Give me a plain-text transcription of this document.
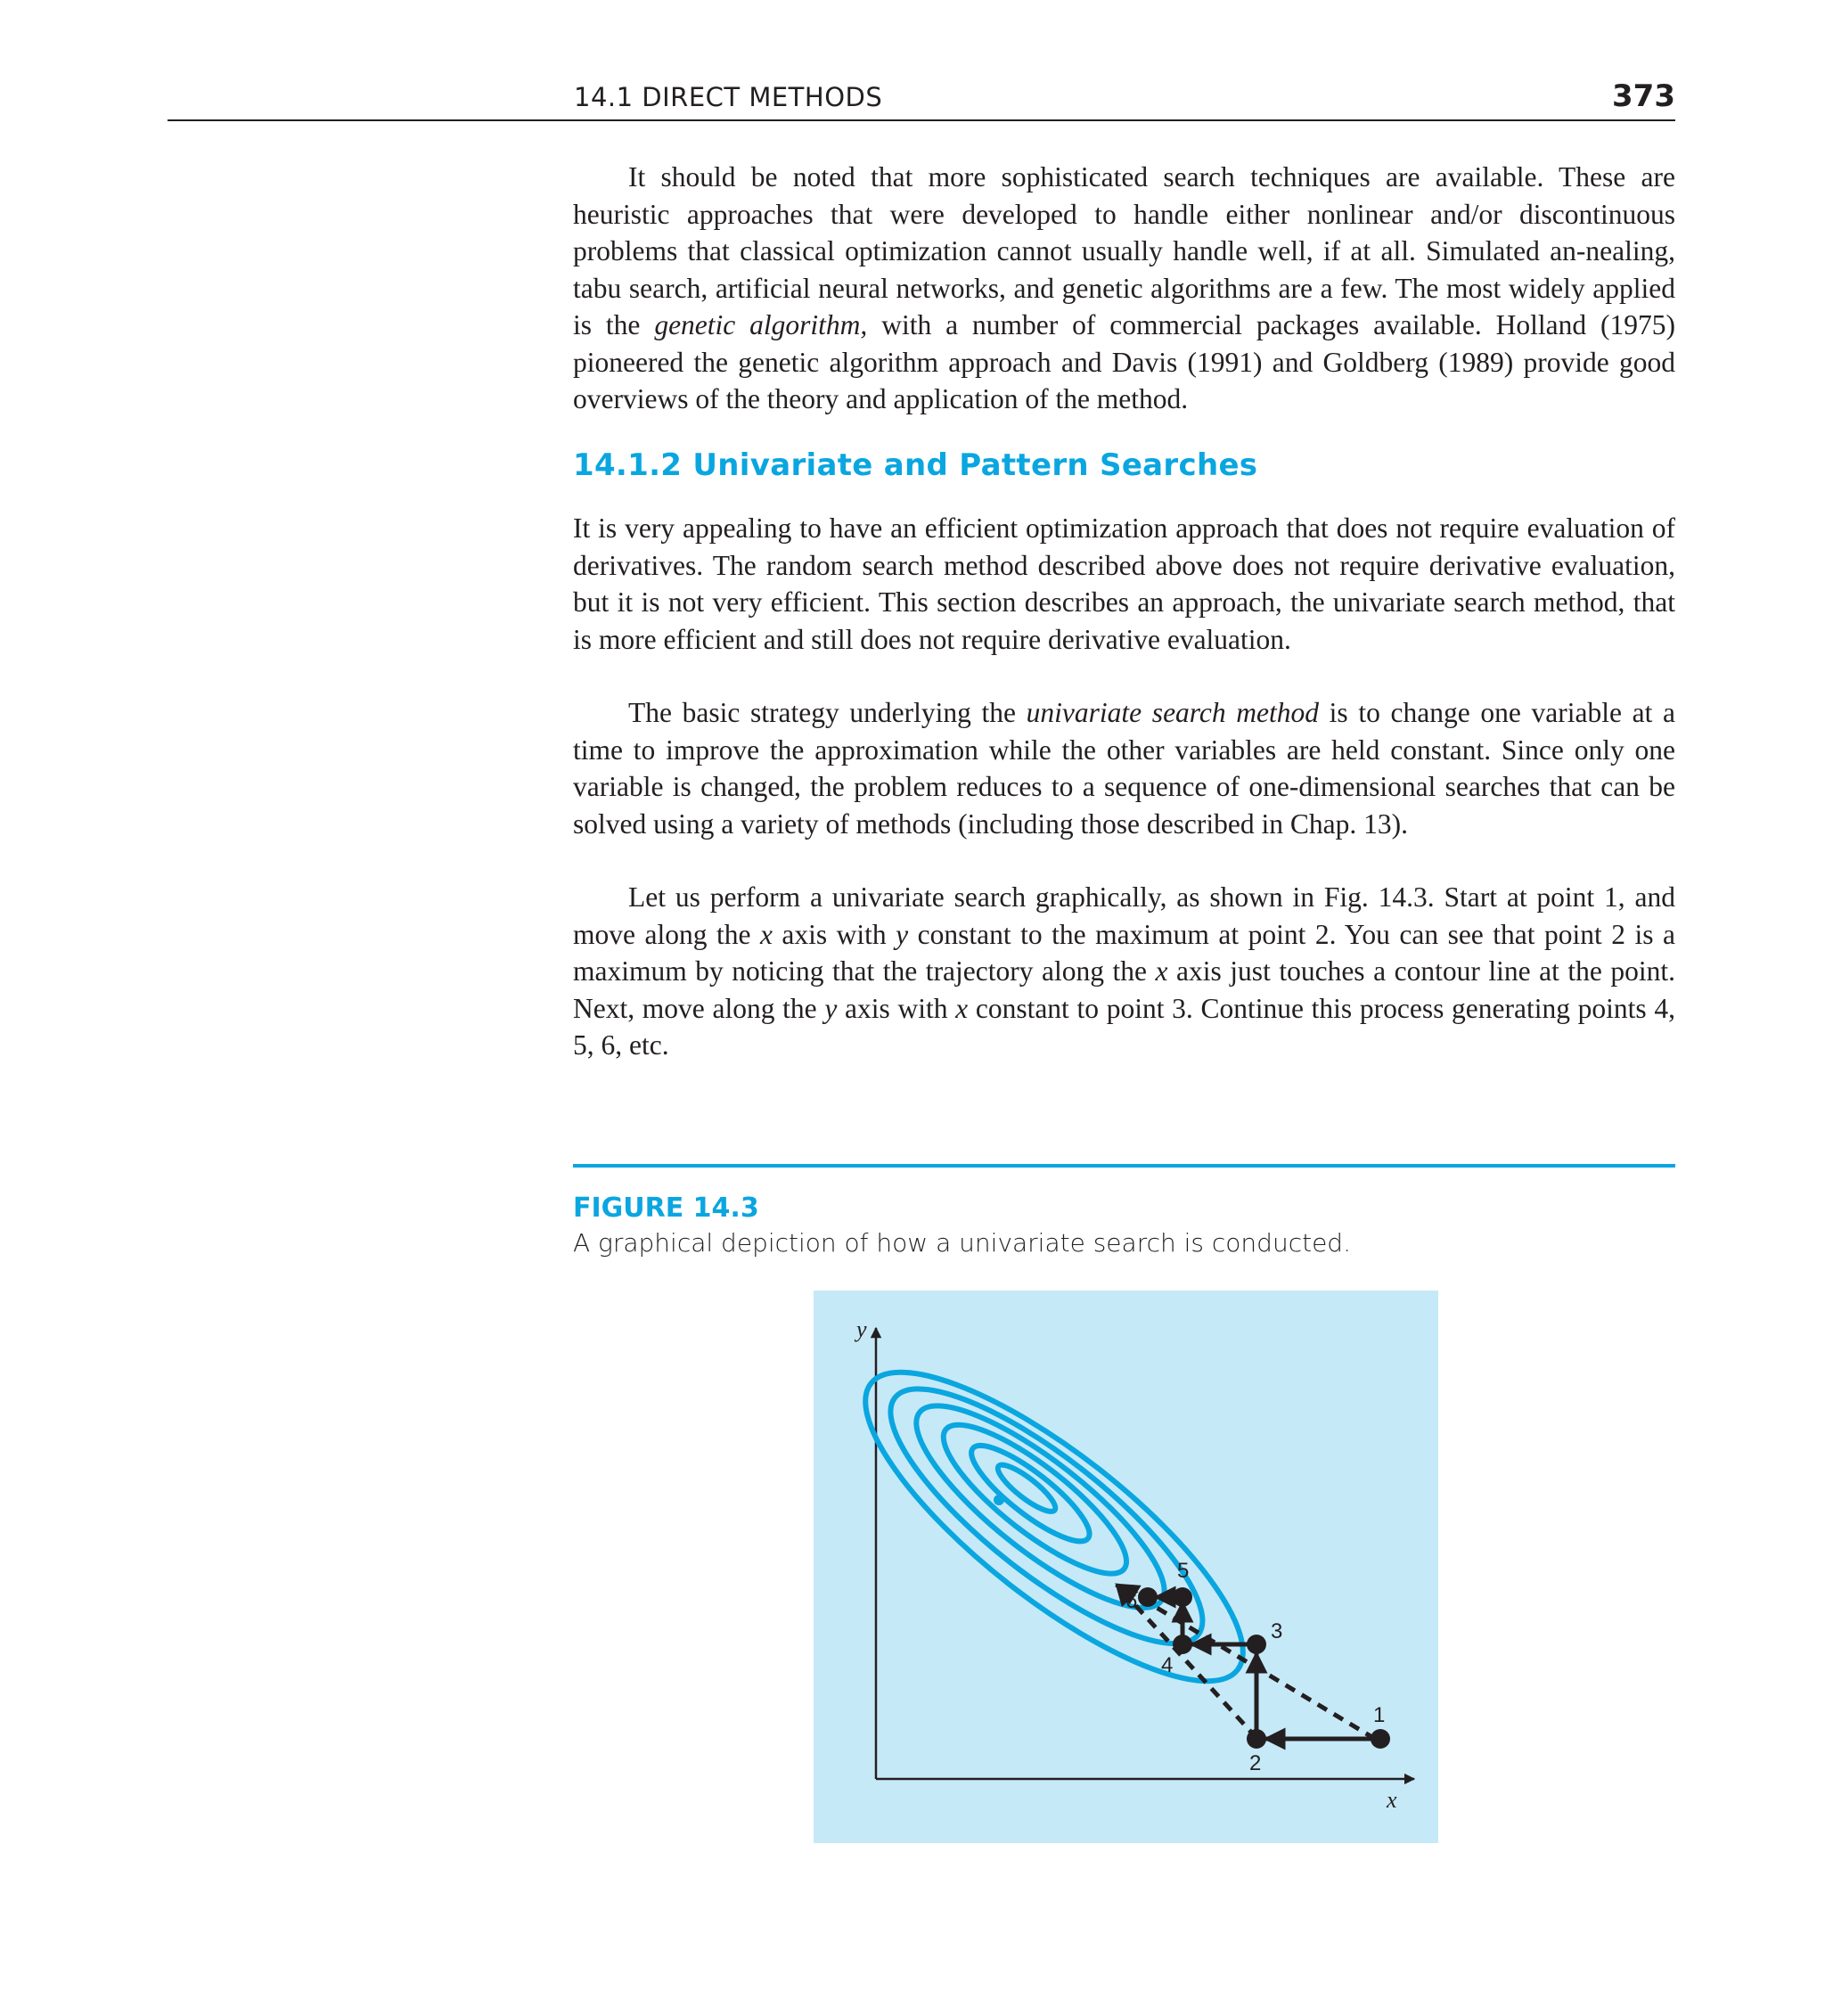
14.1 DIRECT METHODS	373

It should be noted that more sophisticated search techniques are available. These are heuristic approaches that were developed to handle either nonlinear and/or discontinuous problems that classical optimization cannot usually handle well, if at all. Simulated an-nealing, tabu search, artificial neural networks, and genetic algorithms are a few. The most widely applied is the genetic algorithm, with a number of commercial packages available. Holland (1975) pioneered the genetic algorithm approach and Davis (1991) and Goldberg (1989) provide good overviews of the theory and application of the method.

14.1.2 Univariate and Pattern Searches

It is very appealing to have an efficient optimization approach that does not require evaluation of derivatives. The random search method described above does not require derivative evaluation, but it is not very efficient. This section describes an approach, the univariate search method, that is more efficient and still does not require derivative evaluation.

The basic strategy underlying the univariate search method is to change one variable at a time to improve the approximation while the other variables are held constant. Since only one variable is changed, the problem reduces to a sequence of one-dimensional searches that can be solved using a variety of methods (including those described in Chap. 13).

Let us perform a univariate search graphically, as shown in Fig. 14.3. Start at point 1, and move along the x axis with y constant to the maximum at point 2. You can see that point 2 is a maximum by noticing that the trajectory along the x axis just touches a contour line at the point. Next, move along the y axis with x constant to point 3. Continue this process generating points 4, 5, 6, etc.

FIGURE 14.3
A graphical depiction of how a univariate search is conducted.
y
x
1
2
3
4
5
6
